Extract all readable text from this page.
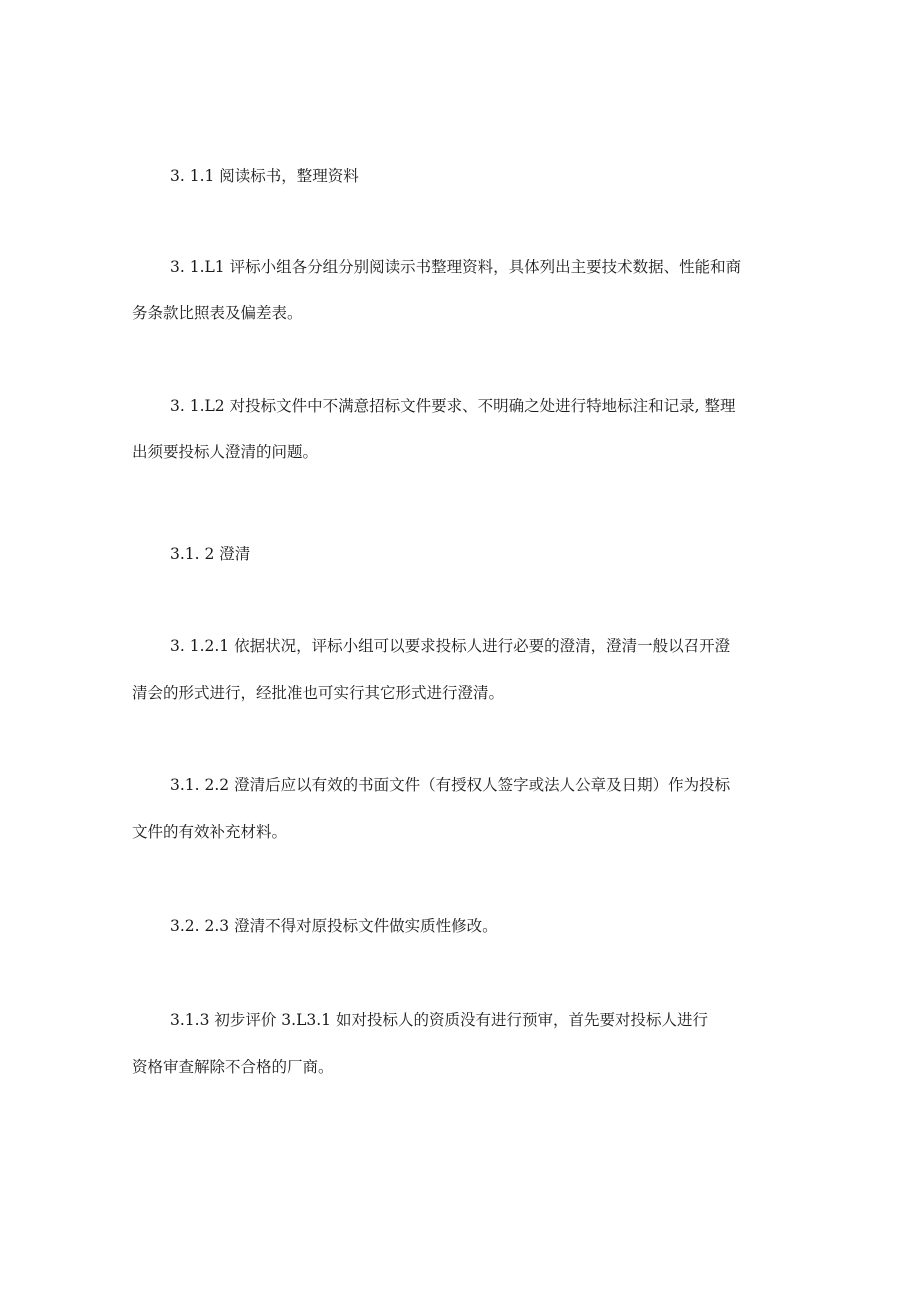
3. 1.1 阅读标书，整理资料

3. 1.L1 评标小组各分组分别阅读示书整理资料，具体列出主要技术数据、性能和商

务条款比照表及偏差表。

3. 1.L2 对投标文件中不满意招标文件要求、不明确之处进行特地标注和记录, 整理

出须要投标人澄清的问题。

3.1. 2 澄清

3. 1.2.1 依据状况，评标小组可以要求投标人进行必要的澄清，澄清一般以召开澄

清会的形式进行，经批准也可实行其它形式进行澄清。

3.1. 2.2 澄清后应以有效的书面文件（有授权人签字或法人公章及日期）作为投标

文件的有效补充材料。

3.2. 2.3 澄清不得对原投标文件做实质性修改。

3.1.3 初步评价 3.L3.1 如对投标人的资质没有进行预审，首先要对投标人进行

资格审查解除不合格的厂商。
